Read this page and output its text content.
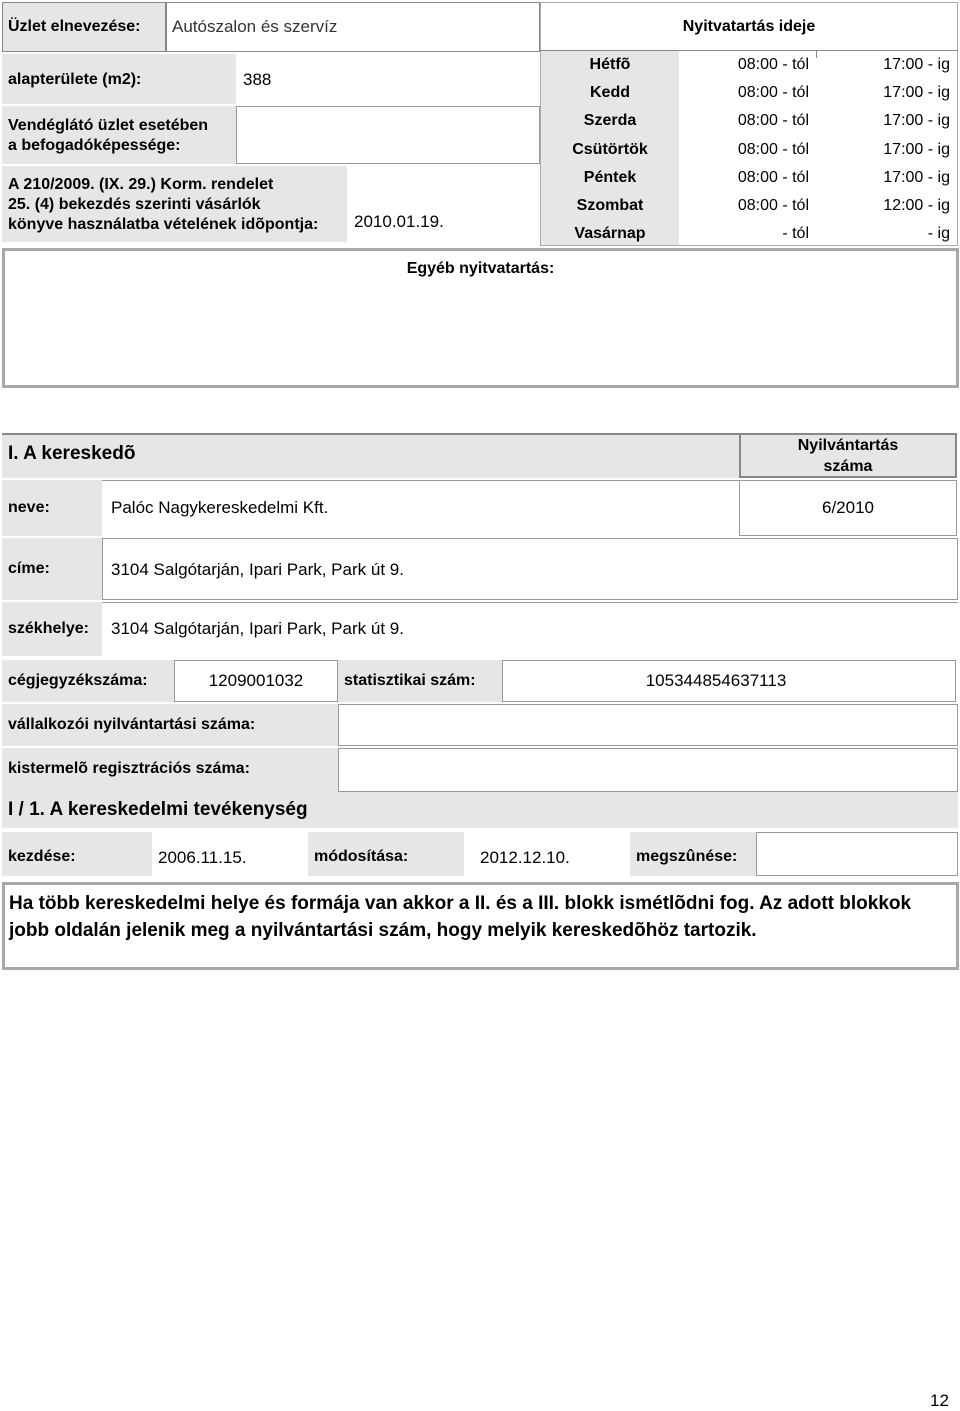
Üzlet elnevezése: Autószalon és szervíz
alapterülete (m2):	388
Vendéglátó üzlet esetében
a befogadóképessége:
A 210/2009. (IX. 29.) Korm. rendelet
25. (4) bekezdés szerinti vásárlók
könyve használatba vételének idõpontja: 2010.01.19.
Nyitvatartás ideje
Hétfõ	08:00 - tól	17:00 - ig
Kedd	08:00 - tól	17:00 - ig
Szerda	08:00 - tól	17:00 - ig
Csütörtök	08:00 - tól	17:00 - ig
Péntek	08:00 - tól	17:00 - ig
Szombat	08:00 - tól	12:00 - ig
Vasárnap	- tól	- ig
Egyéb nyitvatartás:
I. A kereskedõ	Nyilvántartás
száma
neve:	Palóc Nagykereskedelmi Kft.	6/2010
címe:	3104 Salgótarján, Ipari Park, Park út 9.
székhelye: 3104 Salgótarján, Ipari Park, Park út 9.
cégjegyzékszáma:	1209001032	statisztikai szám:	105344854637113
vállalkozói nyilvántartási száma:
kistermelõ regisztrációs száma:
I / 1. A kereskedelmi tevékenység
kezdése:	2006.11.15.	módosítása:	2012.12.10.	megszûnése:
Ha több kereskedelmi helye és formája van akkor a II. és a III. blokk ismétlõdni fog. Az adott blokkok jobb oldalán jelenik meg a nyilvántartási szám, hogy melyik kereskedõhöz tartozik.
12
